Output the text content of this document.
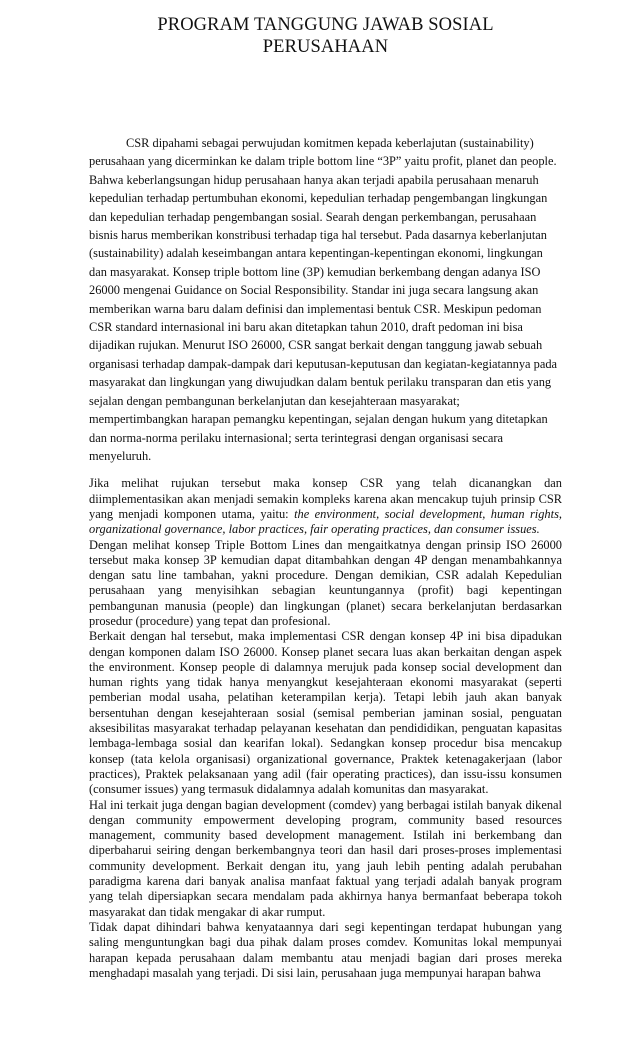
PROGRAM TANGGUNG JAWAB SOSIAL
PERUSAHAAN

CSR dipahami sebagai perwujudan komitmen kepada keberlajutan (sustainability) perusahaan yang dicerminkan ke dalam triple bottom line “3P” yaitu profit, planet dan people. Bahwa keberlangsungan hidup perusahaan hanya akan terjadi apabila perusahaan menaruh kepedulian terhadap pertumbuhan ekonomi, kepedulian terhadap pengembangan lingkungan dan kepedulian terhadap pengembangan sosial. Searah dengan perkembangan, perusahaan bisnis harus memberikan konstribusi terhadap tiga hal tersebut. Pada dasarnya keberlanjutan (sustainability) adalah keseimbangan antara kepentingan-kepentingan ekonomi, lingkungan dan masyarakat. Konsep triple bottom line (3P) kemudian berkembang dengan adanya ISO 26000 mengenai Guidance on Social Responsibility. Standar ini juga secara langsung akan memberikan warna baru dalam definisi dan implementasi bentuk CSR. Meskipun pedoman CSR standard internasional ini baru akan ditetapkan tahun 2010, draft pedoman ini bisa dijadikan rujukan. Menurut ISO 26000, CSR sangat berkait dengan tanggung jawab sebuah organisasi terhadap dampak-dampak dari keputusan-keputusan dan kegiatan-kegiatannya pada masyarakat dan lingkungan yang diwujudkan dalam bentuk perilaku transparan dan etis yang sejalan dengan pembangunan berkelanjutan dan kesejahteraan masyarakat; mempertimbangkan harapan pemangku kepentingan, sejalan dengan hukum yang ditetapkan dan norma-norma perilaku internasional; serta terintegrasi dengan organisasi secara menyeluruh.

Jika melihat rujukan tersebut maka konsep CSR yang telah dicanangkan dan diimplementasikan akan menjadi semakin kompleks karena akan mencakup tujuh prinsip CSR yang menjadi komponen utama, yaitu: the environment, social development, human rights, organizational governance, labor practices, fair operating practices, dan consumer issues.

Dengan melihat konsep Triple Bottom Lines dan mengaitkatnya dengan prinsip ISO 26000 tersebut maka konsep 3P kemudian dapat ditambahkan dengan 4P dengan menambahkannya dengan satu line tambahan, yakni procedure. Dengan demikian, CSR adalah Kepedulian perusahaan yang menyisihkan sebagian keuntungannya (profit) bagi kepentingan pembangunan manusia (people) dan lingkungan (planet) secara berkelanjutan berdasarkan prosedur (procedure) yang tepat dan profesional.

Berkait dengan hal tersebut, maka implementasi CSR dengan konsep 4P ini bisa dipadukan dengan komponen dalam ISO 26000. Konsep planet secara luas akan berkaitan dengan aspek the environment. Konsep people di dalamnya merujuk pada konsep social development dan human rights yang tidak hanya menyangkut kesejahteraan ekonomi masyarakat (seperti pemberian modal usaha, pelatihan keterampilan kerja). Tetapi lebih jauh akan banyak bersentuhan dengan kesejahteraan sosial (semisal pemberian jaminan sosial, penguatan aksesibilitas masyarakat terhadap pelayanan kesehatan dan pendididikan, penguatan kapasitas lembaga-lembaga sosial dan kearifan lokal). Sedangkan konsep procedur bisa mencakup konsep (tata kelola organisasi) organizational governance, Praktek ketenagakerjaan (labor practices), Praktek pelaksanaan yang adil (fair operating practices), dan issu-issu konsumen (consumer issues) yang termasuk didalamnya adalah komunitas dan masyarakat.

Hal ini terkait juga dengan bagian development (comdev) yang berbagai istilah banyak dikenal dengan community empowerment developing program, community based resources management, community based development management. Istilah ini berkembang dan diperbaharui seiring dengan berkembangnya teori dan hasil dari proses-proses implementasi community development. Berkait dengan itu, yang jauh lebih penting adalah perubahan paradigma karena dari banyak analisa manfaat faktual yang terjadi adalah banyak program yang telah dipersiapkan secara mendalam pada akhirnya hanya bermanfaat beberapa tokoh masyarakat dan tidak mengakar di akar rumput.

Tidak dapat dihindari bahwa kenyataannya dari segi kepentingan terdapat hubungan yang saling menguntungkan bagi dua pihak dalam proses comdev. Komunitas lokal mempunyai harapan kepada perusahaan dalam membantu atau menjadi bagian dari proses mereka menghadapi masalah yang terjadi. Di sisi lain, perusahaan juga mempunyai harapan bahwa
